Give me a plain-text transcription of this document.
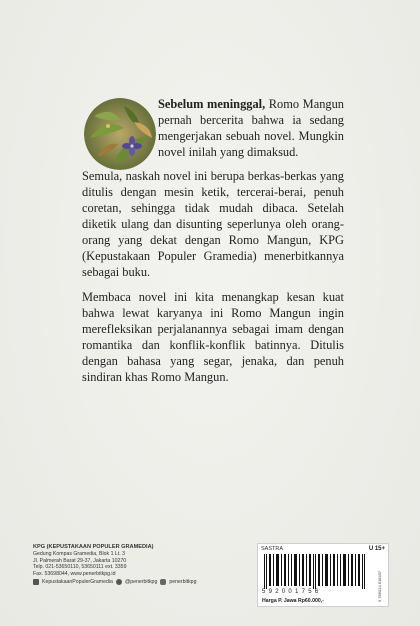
Sebelum meninggal, Romo Mangun pernah bercerita bahwa ia sedang mengerjakan sebuah novel. Mungkin novel inilah yang dimaksud.

Semula, naskah novel ini berupa berkas-berkas yang ditulis dengan mesin ketik, tercerai-berai, penuh coretan, sehingga tidak mudah dibaca. Setelah diketik ulang dan disunting seperlunya oleh orang-orang yang dekat dengan Romo Mangun, KPG (Kepustakaan Populer Gramedia) menerbitkannya sebagai buku.

Membaca novel ini kita menangkap kesan kuat bahwa lewat karyanya ini Romo Mangun ingin merefleksikan perjalanannya sebagai imam dengan romantika dan konflik-konflik batinnya. Ditulis dengan bahasa yang segar, jenaka, dan penuh sindiran khas Romo Mangun.

KPG (KEPUSTAKAAN POPULER GRAMEDIA)
Gedung Kompas Gramedia, Blok 1 Lt. 3
Jl. Palmerah Barat 29-37, Jakarta 10270
Telp. 021-53650110, 53650111 ext. 3359
Fax. 53698044, www.penerbitkpg.id
KepustakaanPopulerGramedia @penerbitkpg penerbitkpg
SASTRA	U 15+
5 9 2 0 0 1 7 5 6	9 786024 818407
Harga P. Jawa Rp60.000,-
